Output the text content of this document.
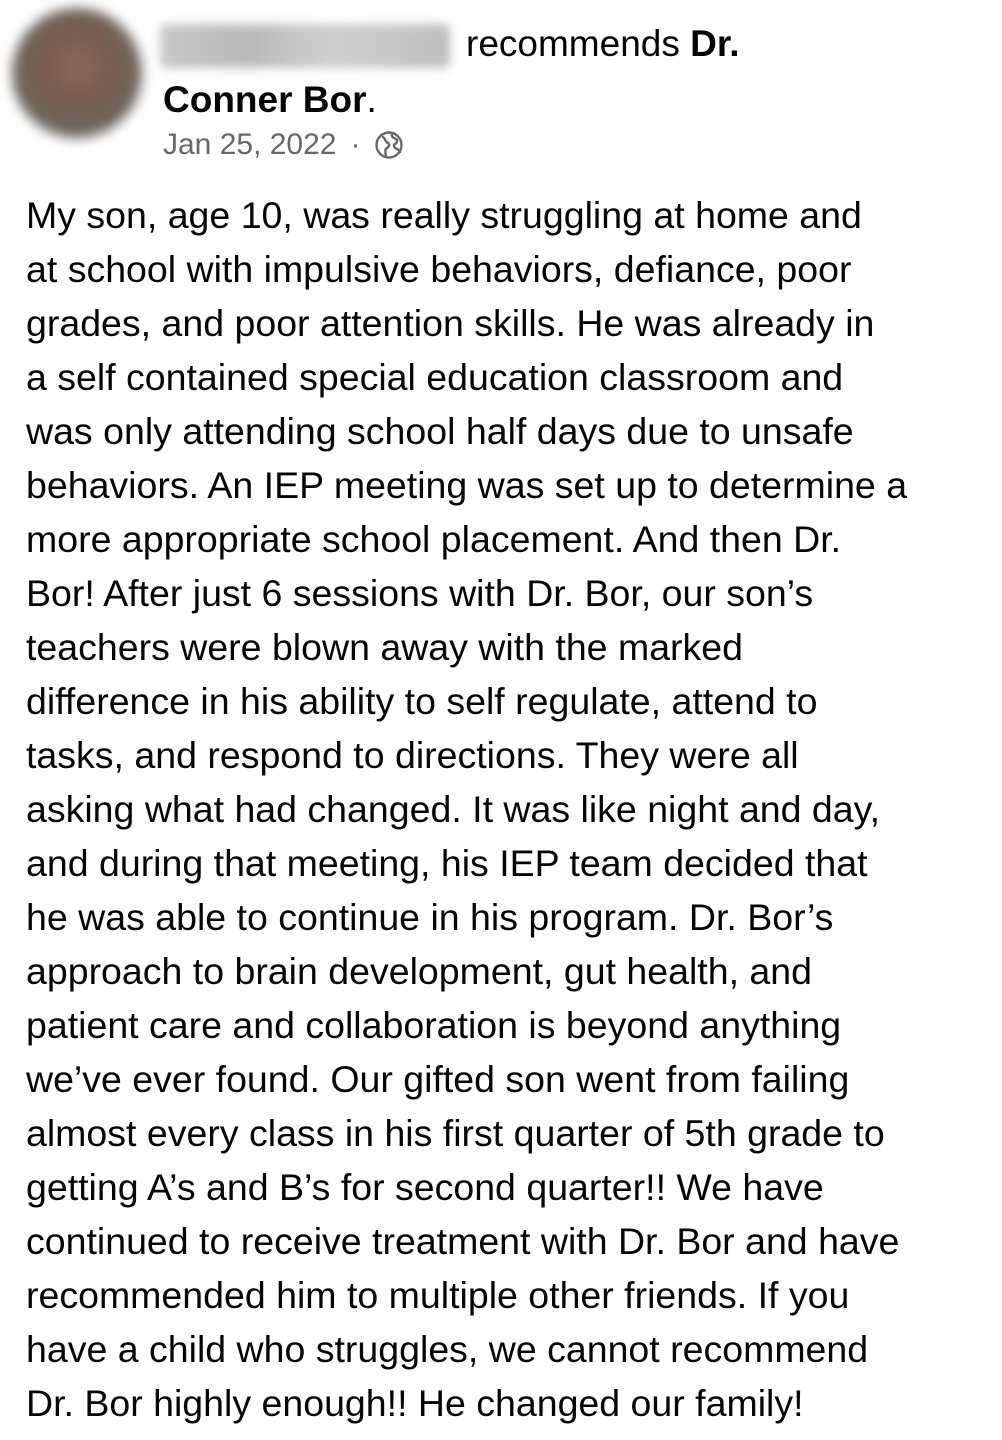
recommends Dr.
Conner Bor.
Jan 25, 2022 ·
My son, age 10, was really struggling at home and
at school with impulsive behaviors, defiance, poor
grades, and poor attention skills. He was already in
a self contained special education classroom and
was only attending school half days due to unsafe
behaviors. An IEP meeting was set up to determine a
more appropriate school placement. And then Dr.
Bor! After just 6 sessions with Dr. Bor, our son’s
teachers were blown away with the marked
difference in his ability to self regulate, attend to
tasks, and respond to directions. They were all
asking what had changed. It was like night and day,
and during that meeting, his IEP team decided that
he was able to continue in his program. Dr. Bor’s
approach to brain development, gut health, and
patient care and collaboration is beyond anything
we’ve ever found. Our gifted son went from failing
almost every class in his first quarter of 5th grade to
getting A’s and B’s for second quarter!! We have
continued to receive treatment with Dr. Bor and have
recommended him to multiple other friends. If you
have a child who struggles, we cannot recommend
Dr. Bor highly enough!! He changed our family!
